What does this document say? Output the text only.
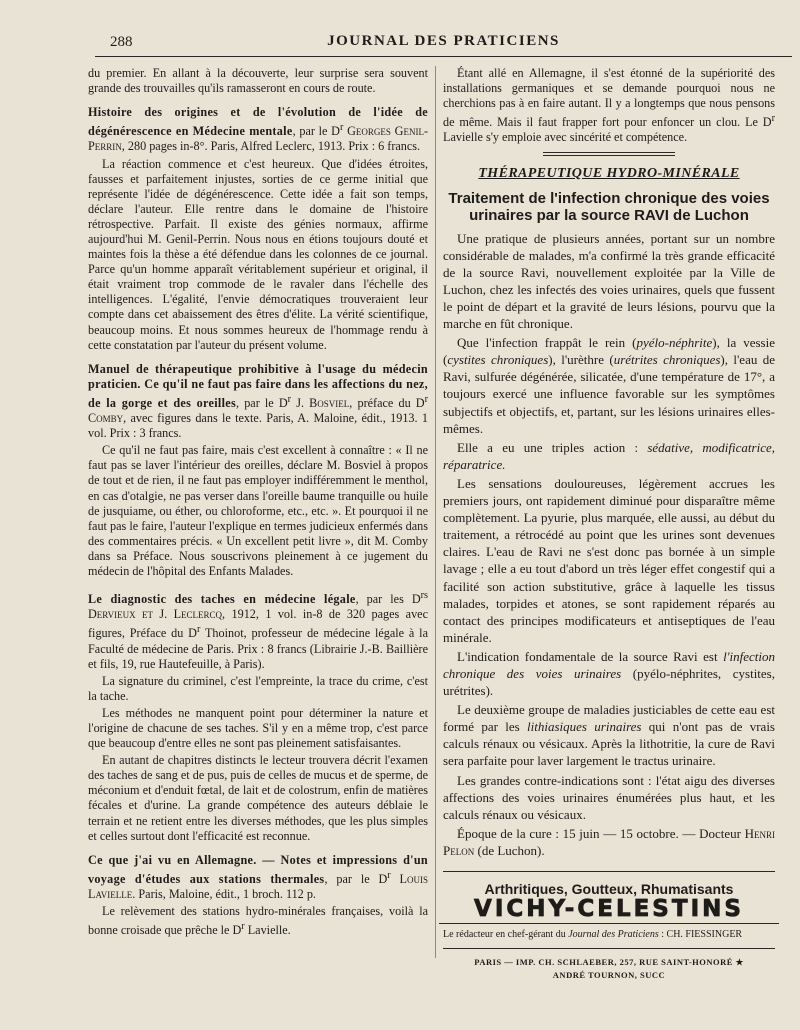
288	JOURNAL DES PRATICIENS

du premier. En allant à la découverte, leur surprise sera souvent grande des trouvailles qu'ils ramasseront en cours de route.

Histoire des origines et de l'évolution de l'idée de dégénérescence en Médecine mentale, par le $D^r$ Georges Genil-Perrin, 280 pages in-8°. Paris, Alfred Leclerc, 1913. Prix : 6 francs.

La réaction commence et c'est heureux. Que d'idées étroites, fausses et parfaitement injustes, sorties de ce germe initial que représente l'idée de dégénérescence. Cette idée a fait son temps, déclare l'auteur. Elle rentre dans le domaine de l'histoire rétrospective. Parfait. Il existe des génies normaux, affirme aujourd'hui M. Genil-Perrin. Nous nous en étions toujours douté et maintes fois la thèse a été défendue dans les colonnes de ce journal. Parce qu'un homme apparaît véritablement supérieur et original, il était vraiment trop commode de le ravaler dans l'échelle des intelligences. L'égalité, l'envie démocratiques trouveraient leur compte dans cet abaissement des êtres d'élite. La vérité scientifique, beaucoup moins. Et nous sommes heureux de l'hommage rendu à cette constatation par l'auteur du présent volume.

Manuel de thérapeutique prohibitive à l'usage du médecin praticien. Ce qu'il ne faut pas faire dans les affections du nez, de la gorge et des oreilles, par le $D^r$ J. Bosviel, préface du $D^r$ Comby, avec figures dans le texte. Paris, A. Maloine, édit., 1913. 1 vol. Prix : 3 francs.

Ce qu'il ne faut pas faire, mais c'est excellent à connaître : « Il ne faut pas se laver l'intérieur des oreilles, déclare M. Bosviel à propos de tout et de rien, il ne faut pas employer indifféremment le menthol, en cas d'otalgie, ne pas verser dans l'oreille baume tranquille ou huile de jusquiame, ou éther, ou chloroforme, etc., etc. ». Et pourquoi il ne faut pas le faire, l'auteur l'explique en termes judicieux enfermés dans des commentaires précis. « Un excellent petit livre », dit M. Comby dans sa Préface. Nous souscrivons pleinement à ce jugement du médecin de l'hôpital des Enfants Malades.

Le diagnostic des taches en médecine légale, par les $D^{rs}$ Dervieux et J. Leclercq, 1912, 1 vol. in-8 de 320 pages avec figures, Préface du $D^r$ Thoinot, professeur de médecine légale à la Faculté de médecine de Paris. Prix : 8 francs (Librairie J.-B. Baillière et fils, 19, rue Hautefeuille, à Paris).

La signature du criminel, c'est l'empreinte, la trace du crime, c'est la tache.

Les méthodes ne manquent point pour déterminer la nature et l'origine de chacune de ses taches. S'il y en a même trop, c'est parce que beaucoup d'entre elles ne sont pas pleinement satisfaisantes.

En autant de chapitres distincts le lecteur trouvera décrit l'examen des taches de sang et de pus, puis de celles de mucus et de sperme, de méconium et d'enduit fœtal, de lait et de colostrum, enfin de matières fécales et d'urine. La grande compétence des auteurs déblaie le terrain et ne retient entre les diverses méthodes, que les plus simples et celles surtout dont l'efficacité est reconnue.

Ce que j'ai vu en Allemagne. — Notes et impressions d'un voyage d'études aux stations thermales, par le $D^r$ Louis Lavielle. Paris, Maloine, édit., 1 broch. 112 p.

Le relèvement des stations hydro-minérales françaises, voilà la bonne croisade que prêche le $D^r$ Lavielle.

Étant allé en Allemagne, il s'est étonné de la supériorité des installations germaniques et se demande pourquoi nous ne cherchions pas à en faire autant. Il y a longtemps que nous pensons de même. Mais il faut frapper fort pour enfoncer un clou. Le $D^r$ Lavielle s'y emploie avec sincérité et compétence.

THÉRAPEUTIQUE HYDRO-MINÉRALE
Traitement de l'infection chronique des voies urinaires par la source RAVI de Luchon

Une pratique de plusieurs années, portant sur un nombre considérable de malades, m'a confirmé la très grande efficacité de la source Ravi, nouvellement exploitée par la Ville de Luchon, chez les infectés des voies urinaires, quels que fussent le point de départ et la gravité de leurs lésions, pourvu que la marche en fût chronique.

Que l'infection frappât le rein (pyélo-néphrite), la vessie (cystites chroniques), l'urèthre (urétrites chroniques), l'eau de Ravi, sulfurée dégénérée, silicatée, d'une température de 17°, a toujours exercé une influence favorable sur les symptômes subjectifs et objectifs, et, partant, sur les lésions urinaires elles-mêmes.

Elle a eu une triples action : sédative, modificatrice, réparatrice.

Les sensations douloureuses, légèrement accrues les premiers jours, ont rapidement diminué pour disparaître même complètement. La pyurie, plus marquée, elle aussi, au début du traitement, a rétrocédé au point que les urines sont devenues claires. L'eau de Ravi ne s'est donc pas bornée à un simple lavage ; elle a eu tout d'abord un très léger effet congestif qui a facilité son action substitutive, grâce à laquelle les tissus malades, torpides et atones, se sont rapidement réparés au contact des principes modificateurs et antiseptiques de l'eau minérale.

L'indication fondamentale de la source Ravi est l'infection chronique des voies urinaires (pyélo-néphrites, cystites, urétrites).

Le deuxième groupe de maladies justiciables de cette eau est formé par les lithiasiques urinaires qui n'ont pas de vrais calculs rénaux ou vésicaux. Après la lithotritie, la cure de Ravi sera parfaite pour laver largement le tractus urinaire.

Les grandes contre-indications sont : l'état aigu des diverses affections des voies urinaires énumérées plus haut, et les calculs rénaux ou vésicaux.

Époque de la cure : 15 juin — 15 octobre. — Docteur Henri Pelon (de Luchon).

Arthritiques, Goutteux, Rhumatisants
VICHY-CELESTINS
Le rédacteur en chef-gérant du Journal des Praticiens : CH. FIESSINGER
PARIS — IMP. CH. SCHLAEBER, 257, RUE SAINT-HONORÉ ★
ANDRÉ TOURNON, SUCC
